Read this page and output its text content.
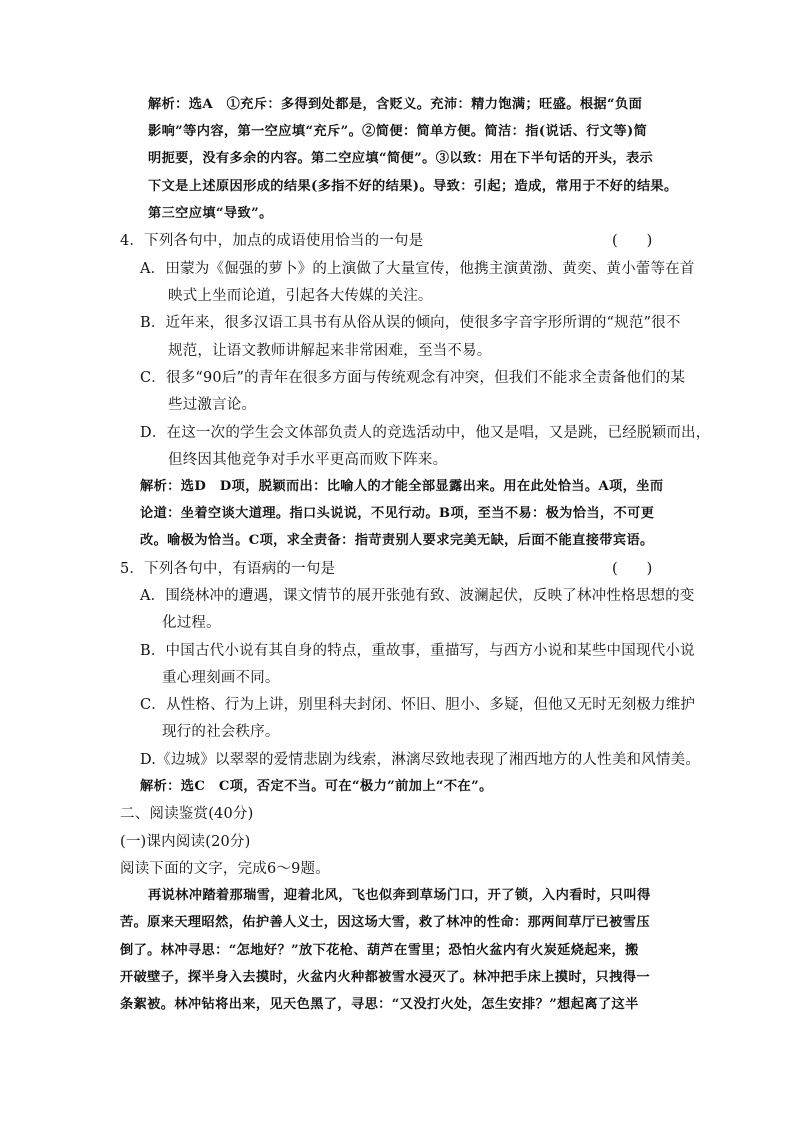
解析：选A　①充斥：多得到处都是，含贬义。充沛：精力饱满；旺盛。根据“负面
影响”等内容，第一空应填“充斥”。②简便：简单方便。简洁：指(说话、行文等)简
明扼要，没有多余的内容。第二空应填“简便”。③以致：用在下半句话的开头，表示
下文是上述原因形成的结果(多指不好的结果)。导致：引起；造成，常用于不好的结果。
第三空应填“导致”。
4．下列各句中，加点的成语使用恰当的一句是	(　　)
A．田蒙为《倔强的萝卜》的上演做了大量宣传，他携主演黄渤、黄奕、黄小蕾等在首
映式上坐而论道，引起各大传媒的关注。
B．近年来，很多汉语工具书有从俗从误的倾向，使很多字音字形所谓的“规范”很不
规范，让语文教师讲解起来非常困难，至当不易。
C．很多“90后”的青年在很多方面与传统观念有冲突，但我们不能求全责备他们的某
些过激言论。
D．在这一次的学生会文体部负责人的竞选活动中，他又是唱，又是跳，已经脱颖而出，
但终因其他竞争对手水平更高而败下阵来。
解析：选D　D项，脱颖而出：比喻人的才能全部显露出来。用在此处恰当。A项，坐而
论道：坐着空谈大道理。指口头说说，不见行动。B项，至当不易：极为恰当，不可更
改。喻极为恰当。C项，求全责备：指苛责别人要求完美无缺，后面不能直接带宾语。
5．下列各句中，有语病的一句是	(　　)
A．围绕林冲的遭遇，课文情节的展开张弛有致、波澜起伏，反映了林冲性格思想的变
化过程。
B．中国古代小说有其自身的特点，重故事，重描写，与西方小说和某些中国现代小说
重心理刻画不同。
C．从性格、行为上讲，别里科夫封闭、怀旧、胆小、多疑，但他又无时无刻极力维护
现行的社会秩序。
D.《边城》以翠翠的爱情悲剧为线索，淋漓尽致地表现了湘西地方的人性美和风情美。
解析：选C　C项，否定不当。可在“极力”前加上“不在”。
二、阅读鉴赏(40分)
(一)课内阅读(20分)
阅读下面的文字，完成6～9题。
再说林冲踏着那瑞雪，迎着北风，飞也似奔到草场门口，开了锁，入内看时，只叫得
苦。原来天理昭然，佑护善人义士，因这场大雪，救了林冲的性命：那两间草厅已被雪压
倒了。林冲寻思：“怎地好？”放下花枪、葫芦在雪里；恐怕火盆内有火炭延烧起来，搬
开破壁子，探半身入去摸时，火盆内火种都被雪水浸灭了。林冲把手床上摸时，只拽得一
条絮被。林冲钻将出来，见天色黑了，寻思：“又没打火处，怎生安排？”想起离了这半
